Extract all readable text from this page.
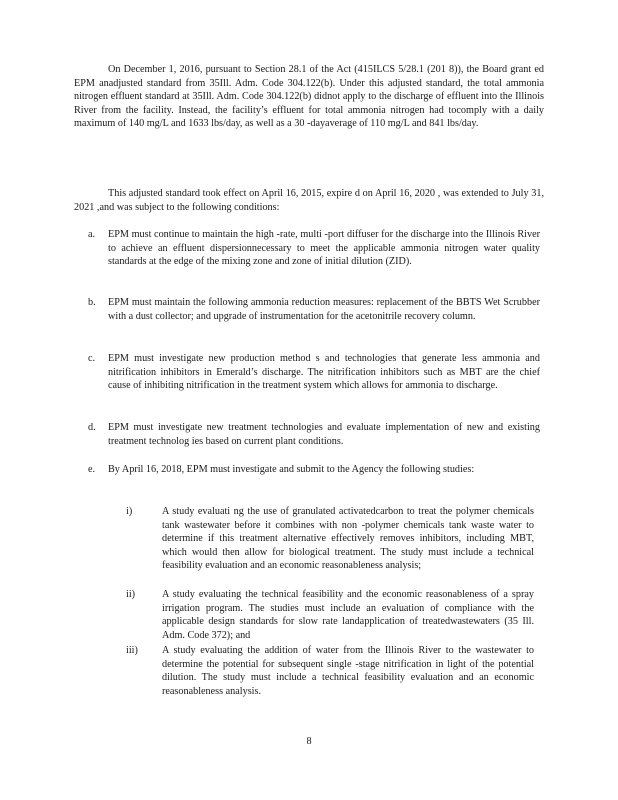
On December 1, 2016, pursuant to Section 28.1 of the Act (415ILCS 5/28.1 (201 8)), the Board grant ed EPM anadjusted standard from 35Ill. Adm. Code 304.122(b). Under this adjusted standard, the total ammonia nitrogen effluent standard at 35Ill. Adm. Code 304.122(b) didnot apply to the discharge of effluent into the Illinois River from the facility. Instead, the facility’s effluent for total ammonia nitrogen had tocomply with a daily maximum of 140 mg/L and 1633 lbs/day, as well as a 30 -dayaverage of 110 mg/L and 841 lbs/day.

This adjusted standard took effect on April 16, 2015, expire d on April 16, 2020 , was extended to July 31, 2021 ,and was subject to the following conditions:

a.	EPM must continue to maintain the high -rate, multi -port diffuser for the discharge into the Illinois River to achieve an effluent dispersionnecessary to meet the applicable ammonia nitrogen water quality standards at the edge of the mixing zone and zone of initial dilution (ZID).
b.	EPM must maintain the following ammonia reduction measures: replacement of the BBTS Wet Scrubber with a dust collector; and upgrade of instrumentation for the acetonitrile recovery column.
c.	EPM must investigate new production method s and technologies that generate less ammonia and nitrification inhibitors in Emerald’s discharge. The nitrification inhibitors such as MBT are the chief cause of inhibiting nitrification in the treatment system which allows for ammonia to discharge.
d.	EPM must investigate new treatment technologies and evaluate implementation of new and existing treatment technolog ies based on current plant conditions.
e.	By April 16, 2018, EPM must investigate and submit to the Agency the following studies:
i)	A study evaluati ng the use of granulated activatedcarbon to treat the polymer chemicals tank wastewater before it combines with non -polymer chemicals tank waste water to determine if this treatment alternative effectively removes inhibitors, including MBT, which would then allow for biological treatment. The study must include a technical feasibility evaluation and an economic reasonableness analysis;
ii)	A study evaluating the technical feasibility and the economic reasonableness of a spray irrigation program. The studies must include an evaluation of compliance with the applicable design standards for slow rate landapplication of treatedwastewaters (35 Ill. Adm. Code 372); and
iii)	A study evaluating the addition of water from the Illinois River to the wastewater to determine the potential for subsequent single -stage nitrification in light of the potential dilution. The study must include a technical feasibility evaluation and an economic reasonableness analysis.
8
